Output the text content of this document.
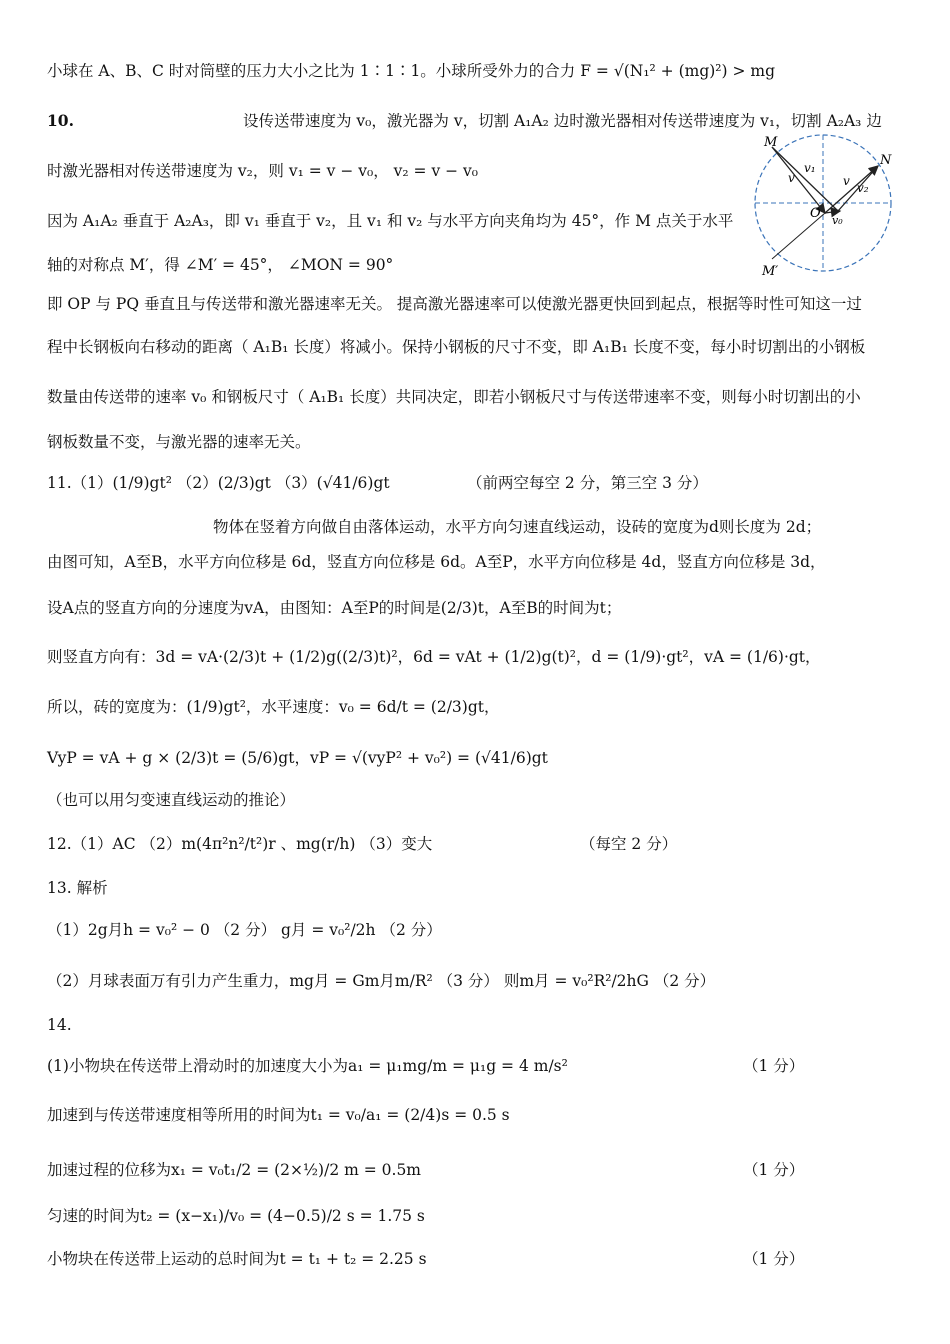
小球在 A、B、C 时对筒壁的压力大小之比为 1∶1∶1。小球所受外力的合力 F = √(N₁² + (mg)²) > mg
10.	设传送带速度为 v₀，激光器为 v，切割 A₁A₂ 边时激光器相对传送带速度为 v₁，切割 A₂A₃ 边
时激光器相对传送带速度为 v₂，则 v₁ = v − v₀， v₂ = v − v₀
因为 A₁A₂ 垂直于 A₂A₃，即 v₁ 垂直于 v₂，且 v₁ 和 v₂ 与水平方向夹角均为 45°，作 M 点关于水平
轴的对称点 M′，得 ∠M′ = 45°， ∠MON = 90°
即 OP 与 PQ 垂直且与传送带和激光器速率无关。 提高激光器速率可以使激光器更快回到起点，根据等时性可知这一过
程中长钢板向右移动的距离（ A₁B₁ 长度）将减小。保持小钢板的尺寸不变，即 A₁B₁ 长度不变，每小时切割出的小钢板
数量由传送带的速率 v₀ 和钢板尺寸（ A₁B₁ 长度）共同决定，即若小钢板尺寸与传送带速率不变，则每小时切割出的小
钢板数量不变，与激光器的速率无关。
11.（1）(1/9)gt² （2）(2/3)gt （3）(√41/6)gt	（前两空每空 2 分，第三空 3 分）
物体在竖着方向做自由落体运动，水平方向匀速直线运动，设砖的宽度为d则长度为 2d；
由图可知，A至B，水平方向位移是 6d，竖直方向位移是 6d。A至P，水平方向位移是 4d，竖直方向位移是 3d，
设A点的竖直方向的分速度为vA，由图知：A至P的时间是(2/3)t，A至B的时间为t；
则竖直方向有：3d = vA·(2/3)t + (1/2)g((2/3)t)²，6d = vAt + (1/2)g(t)²，d = (1/9)·gt²，vA = (1/6)·gt，
所以，砖的宽度为：(1/9)gt²，水平速度：v₀ = 6d/t = (2/3)gt，
VyP = vA + g × (2/3)t = (5/6)gt，vP = √(vyP² + v₀²) = (√41/6)gt
（也可以用匀变速直线运动的推论）
12.（1）AC （2）m(4π²n²/t²)r 、mg(r/h) （3）变大	（每空 2 分）
13. 解析
（1）2g月h = v₀² − 0 （2 分） g月 = v₀²/2h （2 分）
（2）月球表面万有引力产生重力，mg月 = Gm月m/R² （3 分） 则m月 = v₀²R²/2hG （2 分）
14.
(1)小物块在传送带上滑动时的加速度大小为a₁ = μ₁mg/m = μ₁g = 4 m/s²	（1 分）
加速到与传送带速度相等所用的时间为t₁ = v₀/a₁ = (2/4)s = 0.5 s
加速过程的位移为x₁ = v₀t₁/2 = (2×½)/2 m = 0.5m	（1 分）
匀速的时间为t₂ = (x−x₁)/v₀ = (4−0.5)/2 s = 1.75 s
小物块在传送带上运动的总时间为t = t₁ + t₂ = 2.25 s	（1 分）
M
N
O
M′
v
v₁
v₂
v
v₀
